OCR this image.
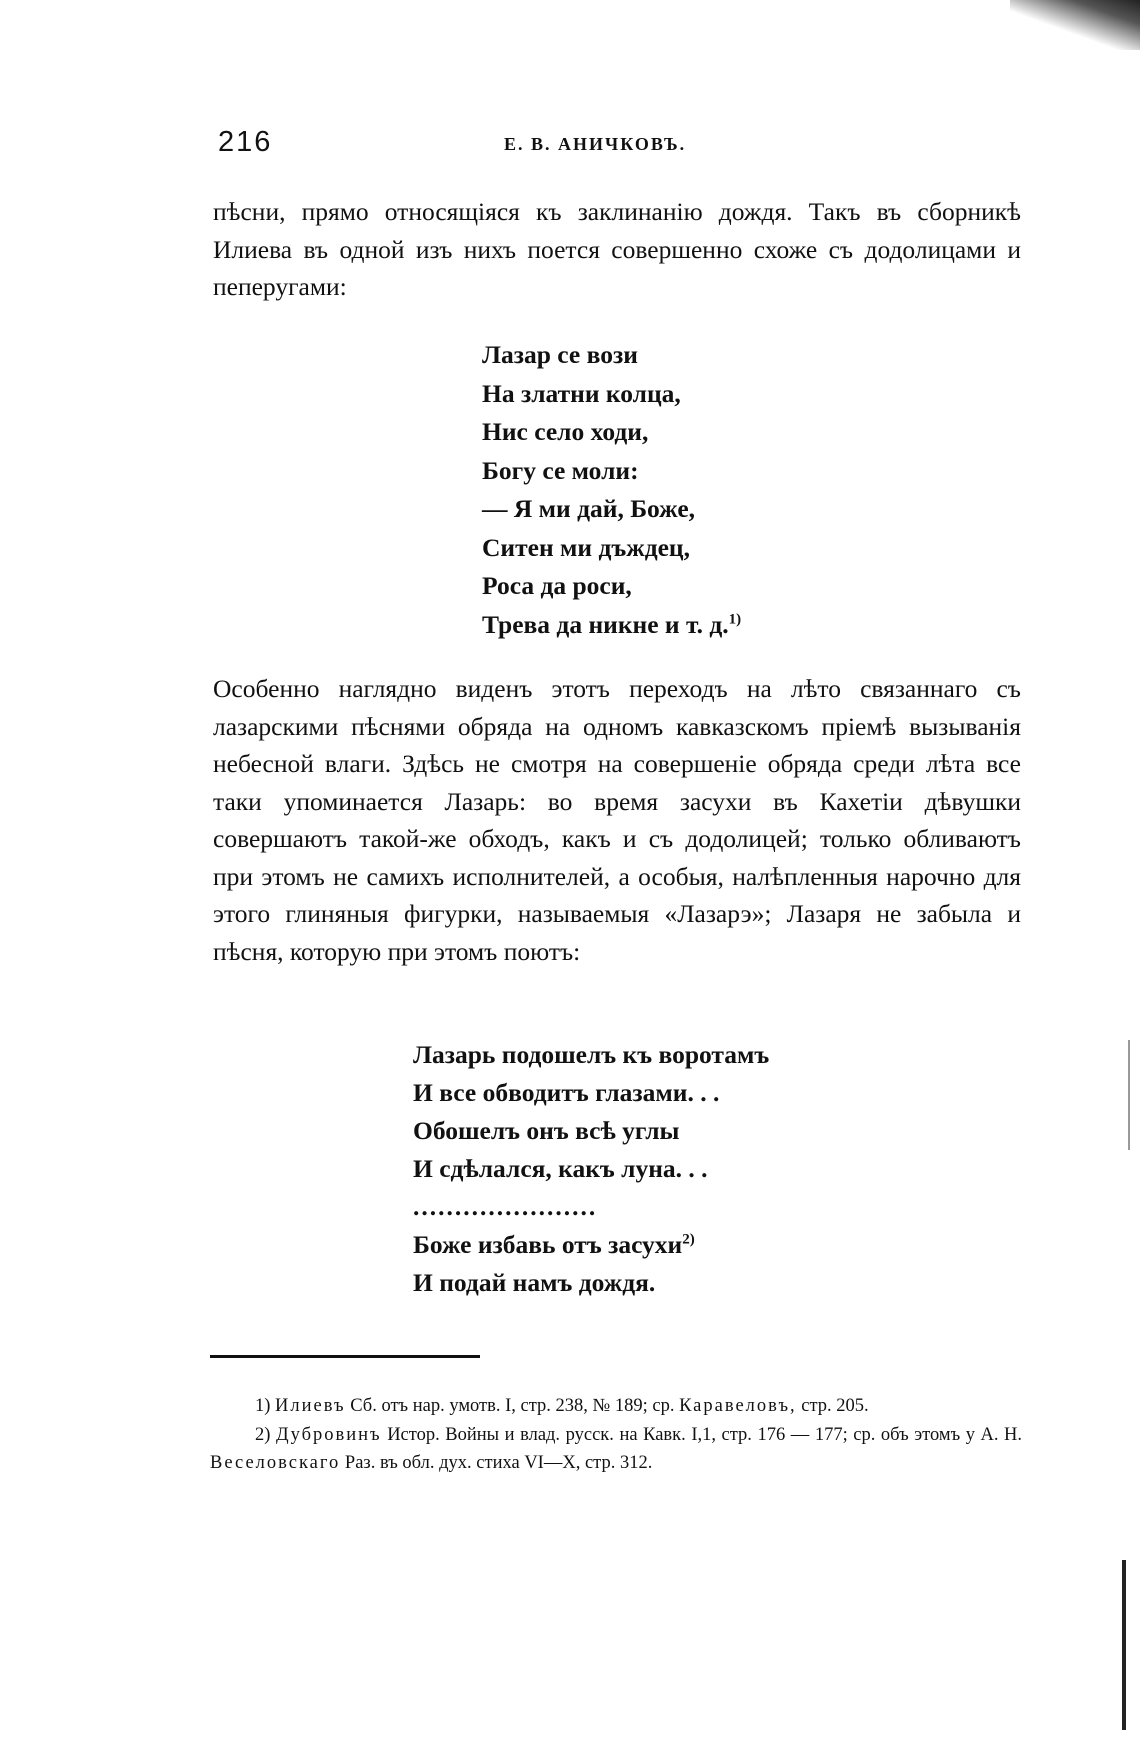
216	Е. В. АНИЧКОВЪ.
пѣсни, прямо относящіяся къ заклинанію дождя. Такъ въ сборникѣ Илиева въ одной изъ нихъ поется совершенно схоже съ додолицами и пеперугами:
Лазар се вози
На златни колца,
Нис село ходи,
Богу се моли:
— Я ми дай, Боже,
Ситен ми дъждец,
Роса да роси,
Трева да никне и т. д.$^{1)}$
Особенно наглядно виденъ этотъ переходъ на лѣто связаннаго съ лазарскими пѣснями обряда на одномъ кавказскомъ пріемѣ вызыванія небесной влаги. Здѣсь не смотря на совершеніе обряда среди лѣта все таки упоминается Лазарь: во время засухи въ Кахетіи дѣвушки совершаютъ такой-же обходъ, какъ и съ додолицей; только обливаютъ при этомъ не самихъ исполнителей, а особыя, налѣпленныя нарочно для этого глиняныя фигурки, называемыя «Лазарэ»; Лазаря не забыла и пѣсня, которую при этомъ поютъ:
Лазарь подошелъ къ воротамъ
И все обводитъ глазами. . .
Обошелъ онъ всѣ углы
И сдѣлался, какъ луна. . .
......................
Боже избавь отъ засухи$^{2)}$
И подай намъ дождя.
1) Илиевъ Сб. отъ нар. умотв. I, стр. 238, № 189; ср. Каравеловъ, стр. 205.
2) Дубровинъ Истор. Войны и влад. русск. на Кавк. I,1, стр. 176 — 177; ср. объ этомъ у А. Н. Веселовскаго Раз. въ обл. дух. стиха VI—X, стр. 312.
